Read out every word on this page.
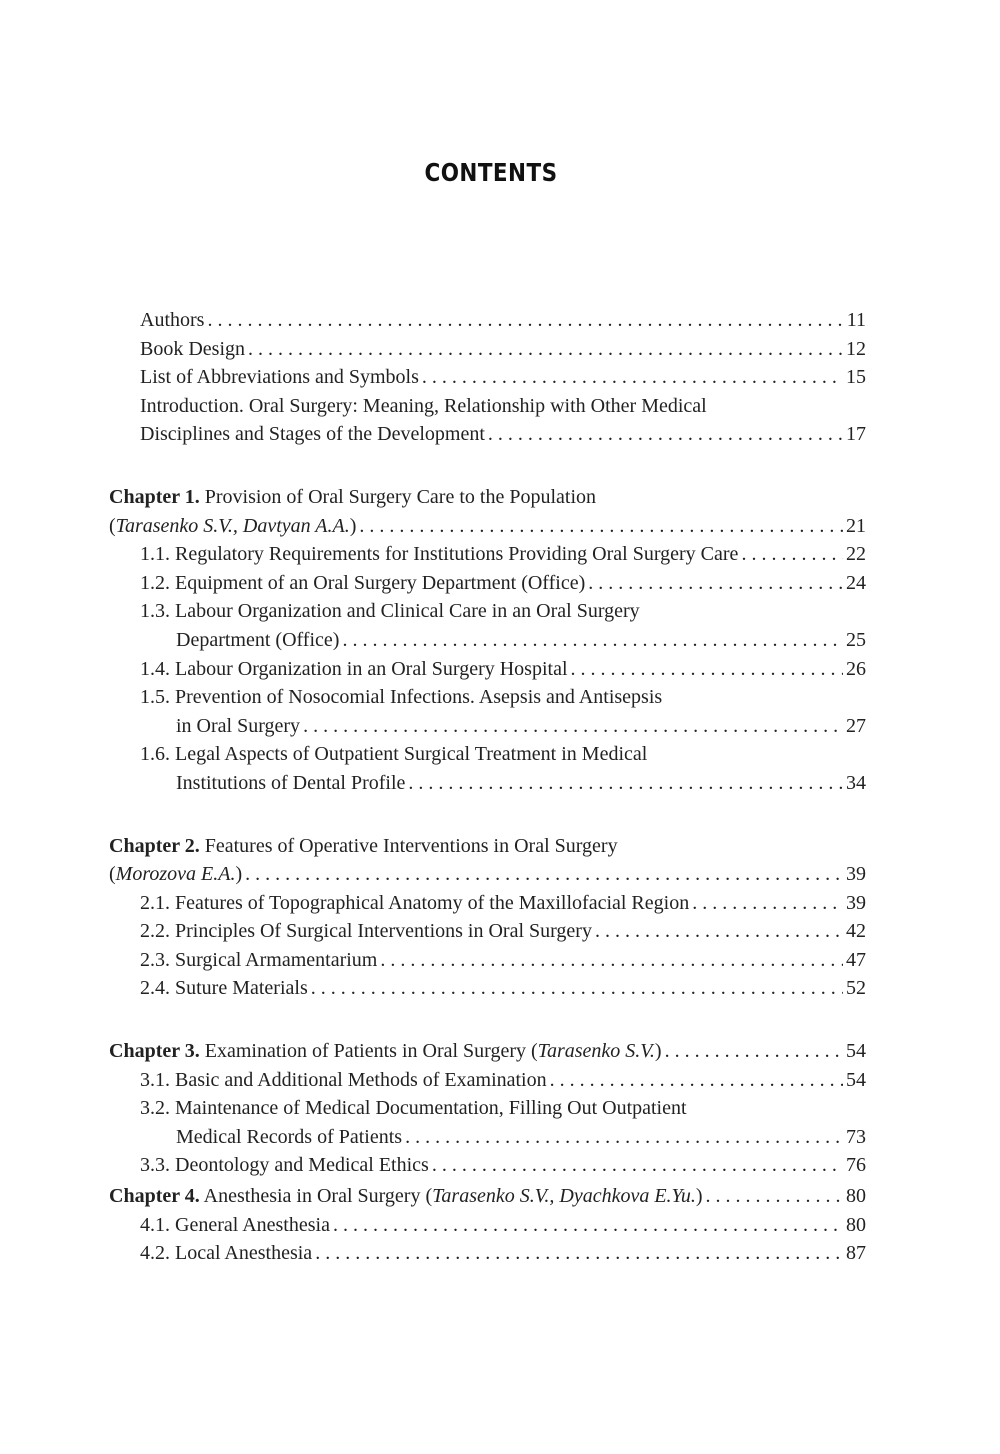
CONTENTS
Authors . . .	11
Book Design . . .	12
List of Abbreviations and Symbols . . .	15
Introduction. Oral Surgery: Meaning, Relationship with Other Medical
Disciplines and Stages of the Development . . .	17
Chapter 1. Provision of Oral Surgery Care to the Population
(Tarasenko S.V., Davtyan A.A.) . . .	21
1.1. Regulatory Requirements for Institutions Providing Oral Surgery Care . . .	22
1.2. Equipment of an Oral Surgery Department (Office) . . .	24
1.3. Labour Organization and Clinical Care in an Oral Surgery
Department (Office) . . .	25
1.4. Labour Organization in an Oral Surgery Hospital . . .	26
1.5. Prevention of Nosocomial Infections. Asepsis and Antisepsis
in Oral Surgery . . .	27
1.6. Legal Aspects of Outpatient Surgical Treatment in Medical
Institutions of Dental Profile . . .	34
Chapter 2. Features of Operative Interventions in Oral Surgery
(Morozova E.A.) . . .	39
2.1. Features of Topographical Anatomy of the Maxillofacial Region . . .	39
2.2. Principles Of Surgical Interventions in Oral Surgery . . .	42
2.3. Surgical Armamentarium . . .	47
2.4. Suture Materials . . .	52
Chapter 3. Examination of Patients in Oral Surgery (Tarasenko S.V.) . . .	54
3.1. Basic and Additional Methods of Examination . . .	54
3.2. Maintenance of Medical Documentation, Filling Out Outpatient
Medical Records of Patients . . .	73
3.3. Deontology and Medical Ethics . . .	76
Chapter 4. Anesthesia in Oral Surgery (Tarasenko S.V., Dyachkova E.Yu.) . . .	80
4.1. General Anesthesia . . .	80
4.2. Local Anesthesia . . .	87
